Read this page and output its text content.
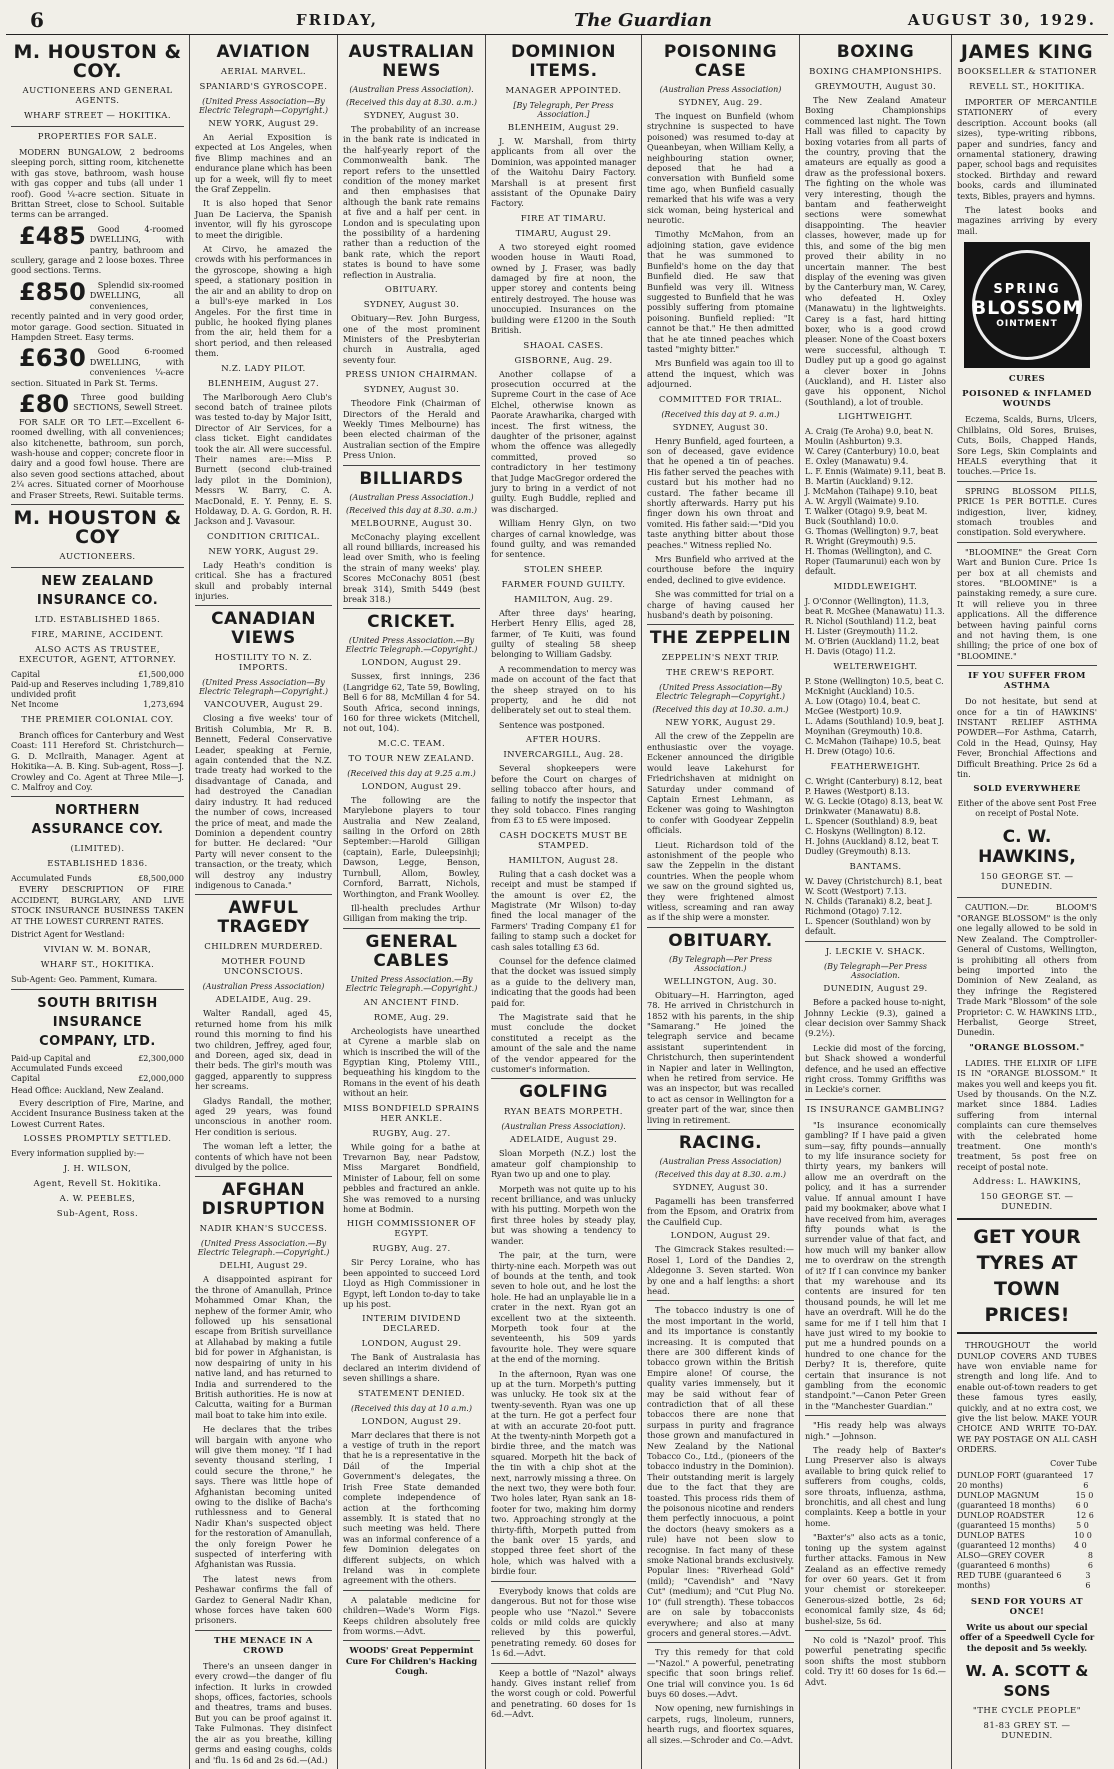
6	FRIDAY,	The Guardian	AUGUST 30, 1929.
M. HOUSTON & COY.
AUCTIONEERS AND GENERAL AGENTS.
WHARF STREET — HOKITIKA.
PROPERTIES FOR SALE.

MODERN BUNGALOW, 2 bedrooms sleeping porch, sitting room, kitchenette with gas stove, bathroom, wash house with gas copper and tubs (all under 1 roof). Good ¼-acre section. Situate in Brittan Street, close to School. Suitable terms can be arranged.

£485 Good 4-roomed DWELLING, with pantry, bathroom and scullery, garage and 2 loose boxes. Three good sections. Terms.

£850 Splendid six-roomed DWELLING, all conveniences, recently painted and in very good order, motor garage. Good section. Situated in Hampden Street. Easy terms.

£630 Good 6-roomed DWELLING, with conveniences ¼-acre section. Situated in Park St. Terms.

£80 Three good building SECTIONS, Sewell Street.

FOR SALE OR TO LET.—Excellent 6-roomed dwelling, with all conveniences; also kitchenette, bathroom, sun porch, wash-house and copper; concrete floor in dairy and a good fowl house. There are also seven good sections attached, about 2¼ acres. Situated corner of Moorhouse and Fraser Streets, Rewi. Suitable terms.

M. HOUSTON & COY
AUCTIONEERS.
NEW ZEALAND INSURANCE CO.
LTD. ESTABLISHED 1865.
FIRE, MARINE, ACCIDENT.
ALSO ACTS AS TRUSTEE, EXECUTOR, AGENT, ATTORNEY.
Capital	£1,500,000
Paid-up and Reserves including undivided profit
1,789,810
Net Income	1,273,694
THE PREMIER COLONIAL COY.

Branch offices for Canterbury and West Coast: 111 Hereford St. Christchurch—G. D. McIlraith, Manager. Agent at Hokitika—A. B. King. Sub-agent, Ross—J. Crowley and Co. Agent at Three Mile—J. C. Malfroy and Coy.

NORTHERN ASSURANCE COY.
(LIMITED).
ESTABLISHED 1836.
Accumulated Funds	£8,500,000

EVERY DESCRIPTION OF FIRE ACCIDENT, BURGLARY, AND LIVE STOCK INSURANCE BUSINESS TAKEN AT THE LOWEST CURRENT RATES.

District Agent for Westland:
VIVIAN W. M. BONAR,
WHARF ST., HOKITIKA.
Sub-Agent: Geo. Pamment, Kumara.
SOUTH BRITISH INSURANCE COMPANY, LTD.
Paid-up Capital and Accumulated Funds exceed
£2,300,000
Capital	£2,000,000
Head Office: Auckland, New Zealand.

Every description of Fire, Marine, and Accident Insurance Business taken at the Lowest Current Rates.

LOSSES PROMPTLY SETTLED.
Every information supplied by:—
J. H. WILSON,
Agent, Revell St. Hokitika.
A. W. PEEBLES,
Sub-Agent, Ross.
AVIATION
AERIAL MARVEL.
SPANIARD'S GYROSCOPE.
(United Press Association—By Electric Telegraph—Copyright.)
NEW YORK, August 29.

An Aerial Exposition is expected at Los Angeles, when five Blimp machines and an endurance plane which has been up for a week, will fly to meet the Graf Zeppelin.

It is also hoped that Senor Juan De Lacierva, the Spanish inventor, will fly his gyroscope to meet the dirigible.

At Cirvo, he amazed the crowds with his performances in the gyroscope, showing a high speed, a stationary position in the air and an ability to drop on a bull's-eye marked in Los Angeles. For the first time in public, he hooked flying planes from the air, held them for a short period, and then released them.

N.Z. LADY PILOT.
BLENHEIM, August 27.

The Marlborough Aero Club's second batch of trainee pilots was tested to-day by Major Isitt, Director of Air Services, for a class ticket. Eight candidates took the air. All were successful. Their names are:—Miss P. Burnett (second club-trained lady pilot in the Dominion), Messrs W. Barry, C. A. MacDonald, E. Y. Penny, E. S. Holdaway, D. A. G. Gordon, R. H. Jackson and J. Vavasour.

CONDITION CRITICAL.
NEW YORK, August 29.

Lady Heath's condition is critical. She has a fractured skull and probably internal injuries.

CANADIAN VIEWS
HOSTILITY TO N. Z. IMPORTS.
(United Press Association—By Electric Telegraph—Copyright.)
VANCOUVER, August 29.

Closing a five weeks' tour of British Columbia, Mr R. B. Bennett, Federal Conservative Leader, speaking at Fernie, again contended that the N.Z. trade treaty had worked to the disadvantage of Canada, and had destroyed the Canadian dairy industry. It had reduced the number of cows, increased the price of meat, and made the Dominion a dependent country for butter. He declared: "Our Party will never consent to the transaction, or the treaty, which will destroy any industry indigenous to Canada."

AWFUL TRAGEDY
CHILDREN MURDERED.
MOTHER FOUND UNCONSCIOUS.
(Australian Press Association)
ADELAIDE, Aug. 29.

Walter Randall, aged 45, returned home from his milk round this morning to find his two children, Jeffrey, aged four, and Doreen, aged six, dead in their beds. The girl's mouth was gagged, apparently to suppress her screams.

Gladys Randall, the mother, aged 29 years, was found unconscious in another room. Her condition is serious.

The woman left a letter, the contents of which have not been divulged by the police.

AFGHAN DISRUPTION
NADIR KHAN'S SUCCESS.
(United Press Association.—By Electric Telegraph.—Copyright.)
DELHI, August 29.

A disappointed aspirant for the throne of Amanullah, Prince Mohammed Omar Khan, the nephew of the former Amir, who followed up his sensational escape from British surveillance at Allahabad by making a futile bid for power in Afghanistan, is now despairing of unity in his native land, and has returned to India and surrendered to the British authorities. He is now at Calcutta, waiting for a Burman mail boat to take him into exile.

He declares that the tribes will bargain with anyone who will give them money. "If I had seventy thousand sterling, I could secure the throne," he says. There was little hope of Afghanistan becoming united owing to the dislike of Bacha's ruthlessness and to General Nadir Khan's suspected object for the restoration of Amanullah, the only foreign Power he suspected of interfering with Afghanistan was Russia.

The latest news from Peshawar confirms the fall of Gardez to General Nadir Khan, whose forces have taken 600 prisoners.

THE MENACE IN A CROWD

There's an unseen danger in every crowd—the danger of flu infection. It lurks in crowded shops, offices, factories, schools and theatres, trams and buses. But you can be proof against it. Take Fulmonas. They disinfect the air as you breathe, killing germs and easing coughs, colds and 'flu. 1s 6d and 2s 6d.—(Ad.)

AUSTRALIAN NEWS
(Australian Press Association).
(Received this day at 8.30. a.m.)
SYDNEY, August 30.

The probability of an increase in the bank rate is indicated in the half-yearly report of the Commonwealth bank. The report refers to the unsettled condition of the money market and then emphasises that although the bank rate remains at five and a half per cent. in London and is speculating upon the possibility of a hardening rather than a reduction of the bank rate, which the report states is bound to have some reflection in Australia.

OBITUARY.
SYDNEY, August 30.

Obituary—Rev. John Burgess, one of the most prominent Ministers of the Presbyterian church in Australia, aged seventy four.

PRESS UNION CHAIRMAN.
SYDNEY, August 30.

Theodore Fink (Chairman of Directors of the Herald and Weekly Times Melbourne) has been elected chairman of the Australian section of the Empire Press Union.

BILLIARDS
(Australian Press Association.)
(Received this day at 8.30. a.m.)
MELBOURNE, August 30.

McConachy playing excellent all round billiards, increased his lead over Smith, who is feeling the strain of many weeks' play. Scores McConachy 8051 (best break 314), Smith 5449 (best break 318.)

CRICKET.
(United Press Association.—By Electric Telegraph.—Copyright.)
LONDON, August 29.

Sussex, first innings, 236 (Langridge 62, Tate 59, Bowling, Bell 6 for 88, McMillan 4 for 54. South Africa, second innings, 160 for three wickets (Mitchell, not out, 104).

M.C.C. TEAM.
TO TOUR NEW ZEALAND.
(Received this day at 9.25 a.m.)
LONDON, August 29.

The following are the Marylebone players to tour Australia and New Zealand, sailing in the Orford on 28th September:—Harold Gilligan (captain), Earle, Duleepsinhji; Dawson, Legge, Benson, Turnbull, Allom, Bowley, Cornford, Barratt, Nichols, Worthington, and Frank Woolley.

Ill-health precludes Arthur Gilligan from making the trip.

GENERAL CABLES
United Press Association.—By Electric Telegraph.—Copyright.)
AN ANCIENT FIND.
ROME, Aug. 29.

Archeologists have unearthed at Cyrene a marble slab on which is inscribed the will of the Egyptian King, Ptolemy VIII., bequeathing his kingdom to the Romans in the event of his death without an heir.

MISS BONDFIELD SPRAINS HER ANKLE.
RUGBY, Aug. 27.

While going for a bathe at Trevarnon Bay, near Padstow, Miss Margaret Bondfield, Minister of Labour, fell on some pebbles and fractured an ankle. She was removed to a nursing home at Bodmin.

HIGH COMMISSIONER OF EGYPT.
RUGBY, Aug. 27.

Sir Percy Loraine, who has been appointed to succeed Lord Lloyd as High Commissioner in Egypt, left London to-day to take up his post.

INTERIM DIVIDEND DECLARED.
LONDON, August 29.

The Bank of Australasia has declared an interim dividend of seven shillings a share.

STATEMENT DENIED.
(Received this day at 10 a.m.)
LONDON, August 29.

Marr declares that there is not a vestige of truth in the report that he is a representative in the Dáil of the Imperial Government's delegates, the Irish Free State demanded complete independence of action at the forthcoming assembly. It is stated that no such meeting was held. There was an informal conference of a few Dominion delegates on different subjects, on which Ireland was in complete agreement with the others.

A palatable medicine for children—Wade's Worm Figs. Keeps children absolutely free from worms.—Advt.

WOODS' Great Peppermint Cure For Children's Hacking Cough.

DOMINION ITEMS.
MANAGER APPOINTED.
[By Telegraph, Per Press Association.]
BLENHEIM, August 29.

J. W. Marshall, from thirty applicants from all over the Dominion, was appointed manager of the Waitohu Dairy Factory. Marshall is at present first assistant of the Opunake Dairy Factory.

FIRE AT TIMARU.
TIMARU, August 29.

A two storeyed eight roomed wooden house in Wauti Road, owned by J. Fraser, was badly damaged by fire at noon, the upper storey and contents being entirely destroyed. The house was unoccupied. Insurances on the building were £1200 in the South British.

SHAOAL CASES.
GISBORNE, Aug. 29.

Another collapse of a prosecution occurred at the Supreme Court in the case of Ace Elchel, otherwise known as Paorate Arawharika, charged with incest. The first witness, the daughter of the prisoner, against whom the offence was allegedly committed, proved so contradictory in her testimony that Judge MacGregor ordered the jury to bring in a verdict of not guilty. Eugh Buddle, replied and was discharged.

William Henry Glyn, on two charges of carnal knowledge, was found guilty, and was remanded for sentence.

STOLEN SHEEP.
FARMER FOUND GUILTY.
HAMILTON, Aug. 29.

After three days' hearing, Herbert Henry Ellis, aged 28, farmer, of Te Kuiti, was found guilty of stealing 58 sheep belonging to William Gadsby.

A recommendation to mercy was made on account of the fact that the sheep strayed on to his property, and he did not deliberately set out to steal them.

Sentence was postponed.

AFTER HOURS.
INVERCARGILL, Aug. 28.

Several shopkeepers were before the Court on charges of selling tobacco after hours, and failing to notify the inspector that they sold tobacco. Fines ranging from £3 to £5 were imposed.

CASH DOCKETS MUST BE STAMPED.
HAMILTON, August 28.

Ruling that a cash docket was a receipt and must be stamped if the amount is over £2, the Magistrate (Mr Wilson) to-day fined the local manager of the Farmers' Trading Company £1 for failing to stamp such a docket for cash sales totalling £3 6d.

Counsel for the defence claimed that the docket was issued simply as a guide to the delivery man, indicating that the goods had been paid for.

The Magistrate said that he must conclude the docket constituted a receipt as the amount of the sale and the name of the vendor appeared for the customer's information.

GOLFING
RYAN BEATS MORPETH.
(Australian Press Association).
ADELAIDE, August 29.

Sloan Morpeth (N.Z.) lost the amateur golf championship to Ryan two up and one to play.

Morpeth was not quite up to his recent brilliance, and was unlucky with his putting. Morpeth won the first three holes by steady play, but was showing a tendency to wander.

The pair, at the turn, were thirty-nine each. Morpeth was out of bounds at the tenth, and took seven to hole out, and he lost the hole. He had an unplayable lie in a crater in the next. Ryan got an excellent two at the sixteenth. Morpeth took four at the seventeenth, his 509 yards favourite hole. They were square at the end of the morning.

In the afternoon, Ryan was one up at the turn. Morpeth's putting was unlucky. He took six at the twenty-seventh. Ryan was one up at the turn. He got a perfect four at with an accurate 20-foot putt. At the twenty-ninth Morpeth got a birdie three, and the match was squared. Morpeth hit the back of the tin with a chip shot at the next, narrowly missing a three. On the next two, they were both four. Two holes later, Ryan sank an 18-footer for two, making him dormy two. Approaching strongly at the thirty-fifth, Morpeth putted from the bank over 15 yards, and stopped three feet short of the hole, which was halved with a birdie four.

Everybody knows that colds are dangerous. But not for those wise people who use "Nazol." Severe colds or mild colds are quickly relieved by this powerful, penetrating remedy. 60 doses for 1s 6d.—Advt.

Keep a bottle of "Nazol" always handy. Gives instant relief from the worst cough or cold. Powerful and penetrating. 60 doses for 1s 6d.—Advt.

POISONING CASE
(Australian Press Association)
SYDNEY, Aug. 29.

The inquest on Bunfield (whom strychnine is suspected to have poisoned) was resumed to-day at Queanbeyan, when William Kelly, a neighbouring station owner, deposed that he had a conversation with Bunfield some time ago, when Bunfield casually remarked that his wife was a very sick woman, being hysterical and neurotic.

Timothy McMahon, from an adjoining station, gave evidence that he was summoned to Bunfield's home on the day that Bunfield died. He saw that Bunfield was very ill. Witness suggested to Bunfield that he was possibly suffering from ptomaine poisoning. Bunfield replied: "It cannot be that." He then admitted that he ate tinned peaches which tasted "mighty bitter."

Mrs Bunfield was again too ill to attend the inquest, which was adjourned.

COMMITTED FOR TRIAL.
(Received this day at 9. a.m.)
SYDNEY, August 30.

Henry Bunfield, aged fourteen, a son of deceased, gave evidence that he opened a tin of peaches. His father served the peaches with custard but his mother had no custard. The father became ill shortly afterwards. Harry put his finger down his own throat and vomited. His father said:—"Did you taste anything bitter about those peaches." Witness replied No.

Mrs Bunfield who arrived at the courthouse before the inquiry ended, declined to give evidence.

She was committed for trial on a charge of having caused her husband's death by poisoning.

THE ZEPPELIN
ZEPPELIN'S NEXT TRIP.
THE CREW'S REPORT.
(United Press Association—By Electric Telegraph—Copyright.)
(Received this day at 10.30. a.m.)
NEW YORK, August 29.

All the crew of the Zeppelin are enthusiastic over the voyage. Eckener announced the dirigible would leave Lakehurst for Friedrichshaven at midnight on Saturday under command of Captain Ernest Lehmann, as Eckener was going to Washington to confer with Goodyear Zeppelin officials.

Lieut. Richardson told of the astonishment of the people who saw the Zeppelin in the distant countries. When the people whom we saw on the ground sighted us, they were frightened almost witless, screaming and ran away as if the ship were a monster.

OBITUARY.
(By Telegraph—Per Press Association.)
WELLINGTON, Aug. 30.

Obituary—H. Harrington, aged 78. He arrived in Christchurch in 1852 with his parents, in the ship "Samarang." He joined the telegraph service and became assistant superintendent in Christchurch, then superintendent in Napier and later in Wellington, when he retired from service. He was an inspector, but was recalled to act as censor in Wellington for a greater part of the war, since then living in retirement.

RACING.
(Australian Press Association)
(Received this day at 8.30. a.m.)
SYDNEY, August 30.

Pagamelli has been transferred from the Epsom, and Oratrix from the Caulfield Cup.

LONDON, August 29.

The Gimcrack Stakes resulted:— Rosel 1, Lord of the Dandies 2, Aldegonne 3. Seven started. Won by one and a half lengths: a short head.

The tobacco industry is one of the most important in the world, and its importance is constantly increasing. It is computed that there are 300 different kinds of tobacco grown within the British Empire alone! Of course, the quality varies immensely, but it may be said without fear of contradiction that of all these tobaccos there are none that surpass in purity and fragrance those grown and manufactured in New Zealand by the National Tobacco Co., Ltd., (pioneers of the tobacco industry in the Dominion). Their outstanding merit is largely due to the fact that they are toasted. This process rids them of the poisonous nicotine and renders them perfectly innocuous, a point the doctors (heavy smokers as a rule) have not been slow to recognise. In fact many of these smoke National brands exclusively. Popular lines: "Riverhead Gold" (mild); "Cavendish" and "Navy Cut" (medium); and "Cut Plug No. 10" (full strength). These tobaccos are on sale by tobacconists everywhere; and also at many grocers and general stores.—Advt.

Try this remedy for that cold—"Nazol." A powerful, penetrating specific that soon brings relief. One trial will convince you. 1s 6d buys 60 doses.—Advt.

Now opening, new furnishings in carpets, rugs, linoleum, runners, hearth rugs, and floortex squares, all sizes.—Schroder and Co.—Advt.

BOXING
BOXING CHAMPIONSHIPS.
GREYMOUTH, August 30.

The New Zealand Amateur Boxing Championships commenced last night. The Town Hall was filled to capacity by boxing votaries from all parts of the country, proving that the amateurs are equally as good a draw as the professional boxers. The fighting on the whole was very interesting, though the bantam and featherweight sections were somewhat disappointing. The heavier classes, however, made up for this, and some of the big men proved their ability in no uncertain manner. The best display of the evening was given by the Canterbury man, W. Carey, who defeated H. Oxley (Manawatu) in the lightweights. Carey is a fast, hard hitting boxer, who is a good crowd pleaser. None of the Coast boxers were successful, although T. Dudley put up a good go against a clever boxer in Johns (Auckland), and H. Lister also gave his opponent, Nichol (Southland), a lot of trouble.

LIGHTWEIGHT.

A. Craig (Te Aroha) 9.0, beat N. Moulin (Ashburton) 9.3.

W. Carey (Canterbury) 10.0, beat E. Oxley (Manawatu) 9.4.

L. F. Ennis (Waimate) 9.11, beat B. B. Martin (Auckland) 9.12.

J. McMahon (Taihape) 9.10, beat A. W. Argyll (Waimate) 9.10.

T. Walker (Otago) 9.9, beat M. Buck (Southland) 10.0.

G. Thomas (Wellington) 9.7, beat R. Wright (Greymouth) 9.5.

H. Thomas (Wellington), and C. Roper (Taumarunui) each won by default.

MIDDLEWEIGHT.

J. O'Connor (Wellington), 11.3, beat R. McGhee (Manawatu) 11.3.

R. Nichol (Southland) 11.2, beat H. Lister (Greymouth) 11.2.

M. O'Brien (Auckland) 11.2, beat H. Davis (Otago) 11.2.

WELTERWEIGHT.

P. Stone (Wellington) 10.5, beat C. McKnight (Auckland) 10.5.

A. Low (Otago) 10.4, beat C. McGee (Westport) 10.9.

L. Adams (Southland) 10.9, beat J. Moynihan (Greymouth) 10.8.

C. McMahon (Taihape) 10.5, beat H. Drew (Otago) 10.6.

FEATHERWEIGHT.

C. Wright (Canterbury) 8.12, beat P. Hawes (Westport) 8.13.

W. G. Leckie (Otago) 8.13, beat W. Drinkwater (Manawatu) 8.8.

L. Spencer (Southland) 8.9, beat C. Hoskyns (Wellington) 8.12.

H. Johns (Auckland) 8.12, beat T. Dudley (Greymouth) 8.13.

BANTAMS.

W. Davey (Christchurch) 8.1, beat W. Scott (Westport) 7.13.

N. Childs (Taranaki) 8.2, beat J. Richmond (Otago) 7.12.

L. Spencer (Southland) won by default.

J. LECKIE V. SHACK.
(By Telegraph—Per Press Association.
DUNEDIN, August 29.

Before a packed house to-night, Johnny Leckie (9.3), gained a clear decision over Sammy Shack (9.2½).

Leckie did most of the forcing, but Shack showed a wonderful defence, and he used an effective right cross. Tommy Griffiths was in Leckie's corner.

IS INSURANCE GAMBLING?

"Is insurance economically gambling? If I have paid a given sum—say, fifty pounds—annually to my life insurance society for thirty years, my bankers will allow me an overdraft on the policy, and it has a surrender value. If annual amount I have paid my bookmaker, above what I have received from him, averages fifty pounds what is the surrender value of that fact, and how much will my banker allow me to overdraw on the strength of it? If I can convince my banker that my warehouse and its contents are insured for ten thousand pounds, he will let me have an overdraft. Will he do the same for me if I tell him that I have just wired to my bookie to put me a hundred pounds on a hundred to one chance for the Derby? It is, therefore, quite certain that insurance is not gambling from the economic standpoint."—Canon Peter Green in the "Manchester Guardian."

"His ready help was always nigh." —Johnson.

The ready help of Baxter's Lung Preserver also is always available to bring quick relief to sufferers from coughs, colds, sore throats, influenza, asthma, bronchitis, and all chest and lung complaints. Keep a bottle in your home.

"Baxter's" also acts as a tonic, toning up the system against further attacks. Famous in New Zealand as an effective remedy for over 60 years. Get it from your chemist or storekeeper. Generous-sized bottle, 2s 6d; economical family size, 4s 6d; bushel-size, 5s 6d.

No cold is "Nazol" proof. This powerful penetrating specific soon shifts the most stubborn cold. Try it! 60 doses for 1s 6d.—Advt.

JAMES KING
BOOKSELLER & STATIONER
REVELL ST., HOKITIKA.

IMPORTER OF MERCANTILE STATIONERY of every description. Account books (all sizes), type-writing ribbons, paper and sundries, fancy and ornamental stationery, drawing paper, school bags and requisites stocked. Birthday and reward books, cards and illuminated texts, Bibles, prayers and hymns.

The latest books and magazines arriving by every mail.

SPRING
BLOSSOM
OINTMENT
CURES
POISONED & INFLAMED WOUNDS

Eczema, Scalds, Burns, Ulcers, Chilblains, Old Sores, Bruises, Cuts, Boils, Chapped Hands, Sore Legs, Skin Complaints and HEALS everything that it touches.—Price 1s.

SPRING BLOSSOM PILLS, PRICE 1s PER BOTTLE. Cures indigestion, liver, kidney, stomach troubles and constipation. Sold everywhere.

"BLOOMINE" the Great Corn Wart and Bunion Cure. Price 1s per box at all chemists and stores. "BLOOMINE" is a painstaking remedy, a sure cure. It will relieve you in three applications. All the difference between having painful corns and not having them, is one shilling; the price of one box of "BLOOMINE."

IF YOU SUFFER FROM ASTHMA

Do not hesitate, but send at once for a tin of HAWKINS' INSTANT RELIEF ASTHMA POWDER—For Asthma, Catarrh, Cold in the Head, Quinsy, Hay Fever, Bronchial Affections and Difficult Breathing. Price 2s 6d a tin.

SOLD EVERYWHERE
Either of the above sent Post Free on receipt of Postal Note.
C. W. HAWKINS,
150 GEORGE ST. — DUNEDIN.

CAUTION.—Dr. BLOOM'S "ORANGE BLOSSOM" is the only one legally allowed to be sold in New Zealand. The Comptroller-General of Customs, Wellington, is prohibiting all others from being imported into the Dominion of New Zealand, as they infringe the Registered Trade Mark "Blossom" of the sole Proprietor: C. W. HAWKINS LTD., Herbalist, George Street, Dunedin.

"ORANGE BLOSSOM."

LADIES. THE ELIXIR OF LIFE IS IN "ORANGE BLOSSOM." It makes you well and keeps you fit. Used by thousands. On the N.Z. market since 1884. Ladies suffering from internal complaints can cure themselves with the celebrated home treatment. One month's treatment, 5s post free on receipt of postal note.

Address: L. HAWKINS,
150 GEORGE ST. — DUNEDIN.
GET YOUR TYRES AT TOWN PRICES!

THROUGHOUT the world DUNLOP COVERS AND TUBES have won enviable name for strength and long life. And to enable out-of-town readers to get these famous tyres easily, quickly, and at no extra cost, we give the list below. MAKE YOUR CHOICE AND WRITE TO-DAY. WE PAY POSTAGE ON ALL CASH ORDERS.

Cover Tube
DUNLOP FORT (guaranteed 20 months)
17 6
DUNLOP MAGNUM (guaranteed 18 months)
15 0 6 0
DUNLOP ROADSTER (guaranteed 15 months)
12 6 5 0
DUNLOP BATES (guaranteed 12 months)
10 0 4 0
ALSO—GREY COVER (guaranteed 6 months)
8 6
RED TUBE (guaranteed 6 months)
3 6
SEND FOR YOURS AT ONCE!

Write us about our special offer of a Speedwell Cycle for the deposit and 5s weekly.

W. A. SCOTT & SONS
"THE CYCLE PEOPLE"
81-83 GREY ST. — DUNEDIN.
